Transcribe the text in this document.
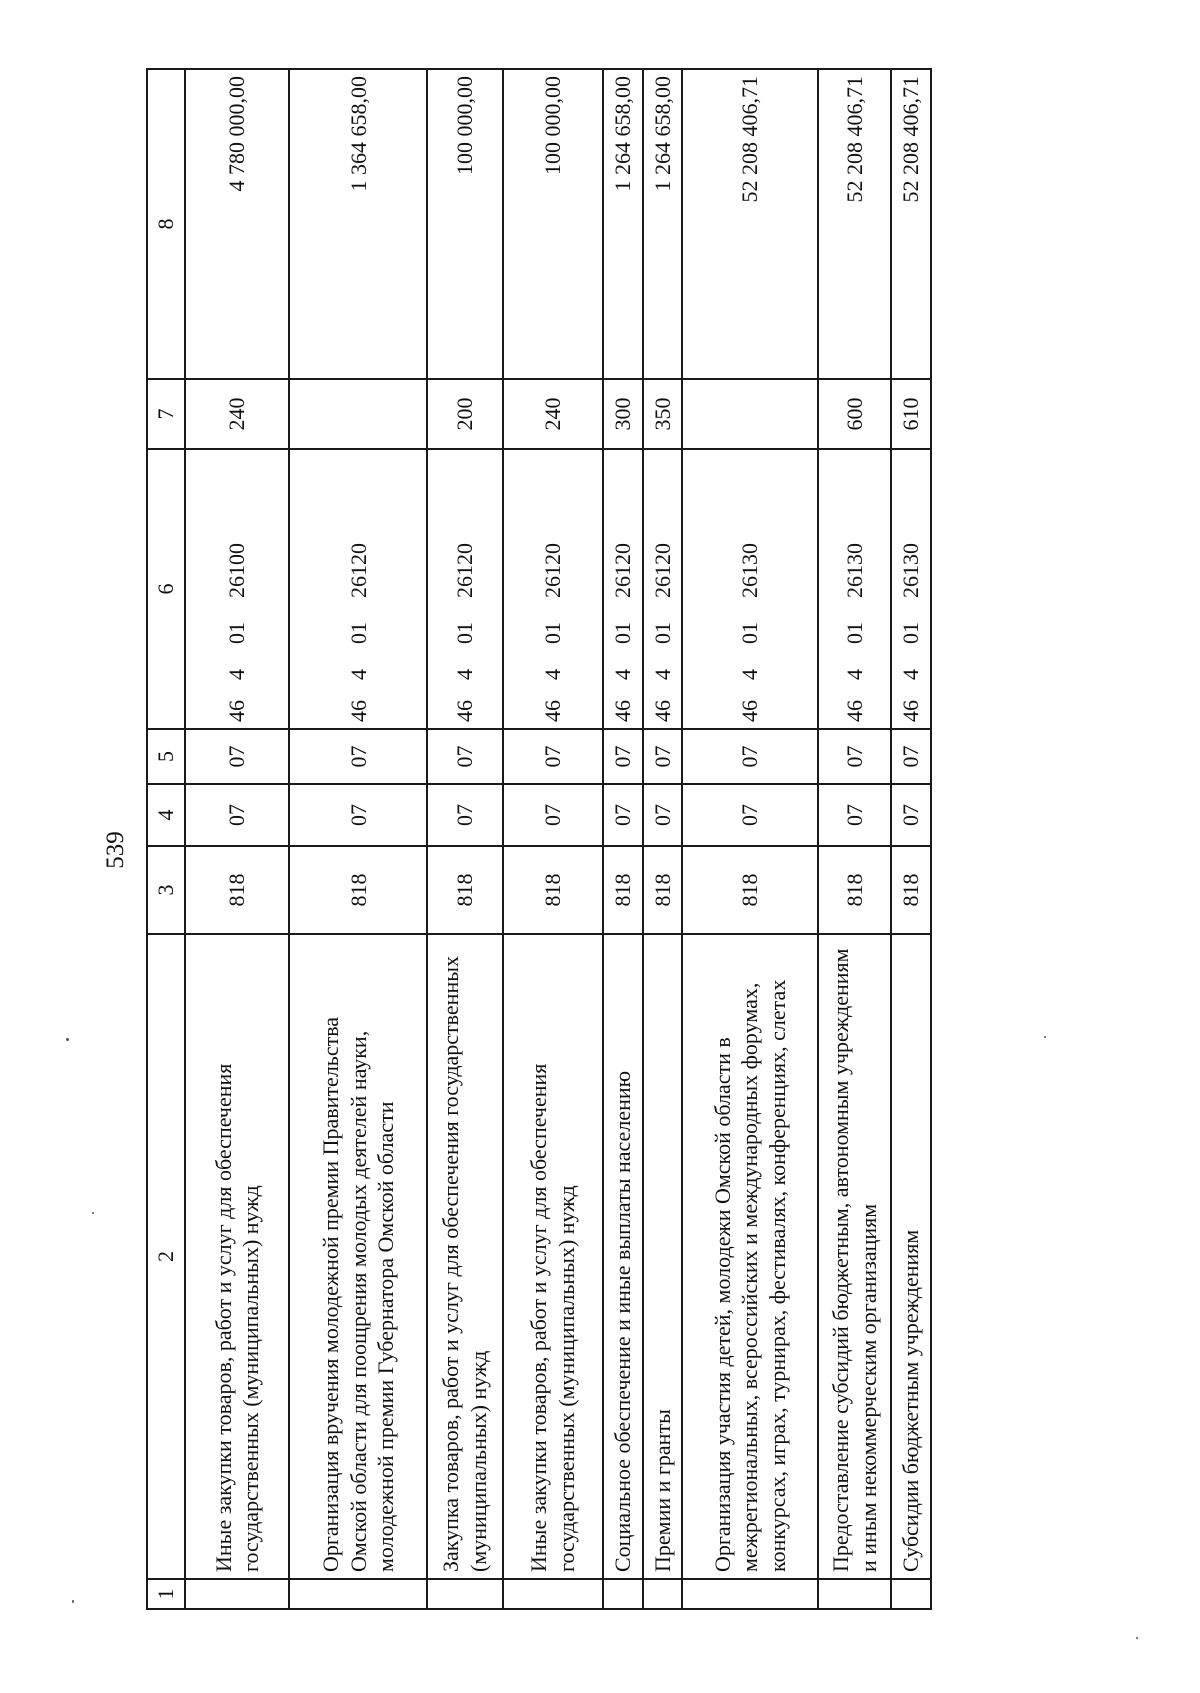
539
1	2	3	4	5	6	7	8
	Иные закупки товаров, работ и услуг для обеспечения государственных (муниципальных) нужд	818	07	07	4640126100	240	4 780 000,00
	Организация вручения молодежной премии Правительства Омской области для поощрения молодых деятелей науки, молодежной премии Губернатора Омской области	818	07	07	4640126120		1 364 658,00
	Закупка товаров, работ и услуг для обеспечения государственных (муниципальных) нужд	818	07	07	4640126120	200	100 000,00
	Иные закупки товаров, работ и услуг для обеспечения государственных (муниципальных) нужд	818	07	07	4640126120	240	100 000,00
	Социальное обеспечение и иные выплаты населению	818	07	07	4640126120	300	1 264 658,00
	Премии и гранты	818	07	07	4640126120	350	1 264 658,00
	Организация участия детей, молодежи Омской области в межрегиональных, всероссийских и международных форумах, конкурсах, играх, турнирах, фестивалях, конференциях, слетах	818	07	07	4640126130		52 208 406,71
	Предоставление субсидий бюджетным, автономным учреждениям и иным некоммерческим организациям	818	07	07	4640126130	600	52 208 406,71
	Субсидии бюджетным учреждениям	818	07	07	4640126130	610	52 208 406,71
